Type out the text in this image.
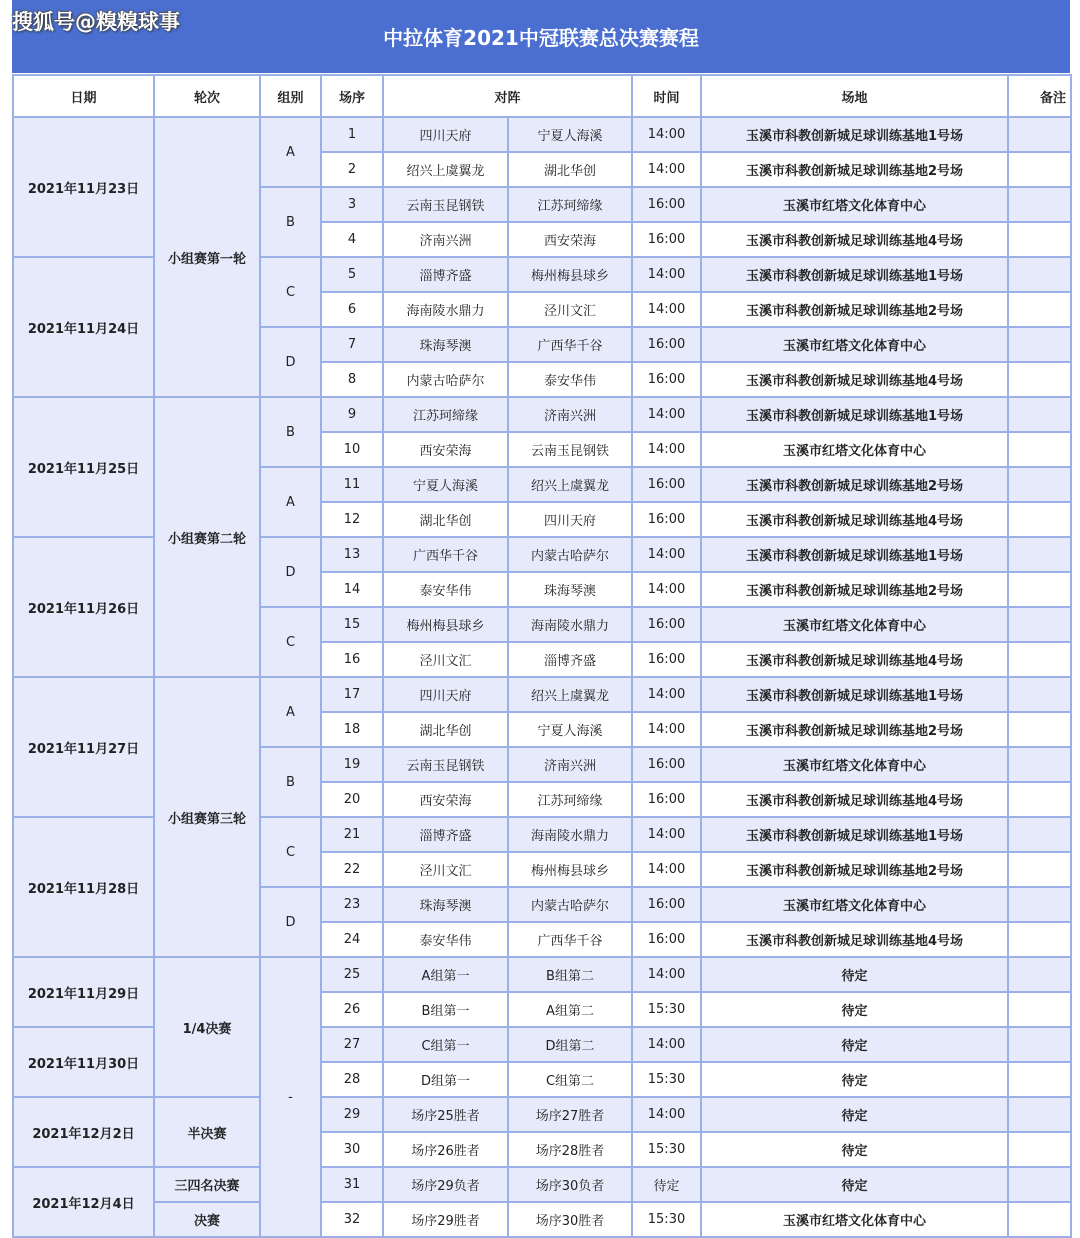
中拉体育2021中冠联赛总决赛赛程
搜狐号@糗糗球事
日期	轮次	组别	场序	对阵		时间	场地	备注
2021年11月23日	小组赛第一轮	A	1	四川天府	宁夏人海溪	14:00	玉溪市科教创新城足球训练基地1号场	
			2	绍兴上虞翼龙	湖北华创	14:00	玉溪市科教创新城足球训练基地2号场	
		B	3	云南玉昆钢铁	江苏珂缔缘	16:00	玉溪市红塔文化体育中心	
			4	济南兴洲	西安荣海	16:00	玉溪市科教创新城足球训练基地4号场	
2021年11月24日		C	5	淄博齐盛	梅州梅县球乡	14:00	玉溪市科教创新城足球训练基地1号场	
			6	海南陵水鼎力	泾川文汇	14:00	玉溪市科教创新城足球训练基地2号场	
		D	7	珠海琴澳	广西华千谷	16:00	玉溪市红塔文化体育中心	
			8	内蒙古哈萨尔	泰安华伟	16:00	玉溪市科教创新城足球训练基地4号场	
2021年11月25日	小组赛第二轮	B	9	江苏珂缔缘	济南兴洲	14:00	玉溪市科教创新城足球训练基地1号场	
			10	西安荣海	云南玉昆钢铁	14:00	玉溪市红塔文化体育中心	
		A	11	宁夏人海溪	绍兴上虞翼龙	16:00	玉溪市科教创新城足球训练基地2号场	
			12	湖北华创	四川天府	16:00	玉溪市科教创新城足球训练基地4号场	
2021年11月26日		D	13	广西华千谷	内蒙古哈萨尔	14:00	玉溪市科教创新城足球训练基地1号场	
			14	泰安华伟	珠海琴澳	14:00	玉溪市科教创新城足球训练基地2号场	
		C	15	梅州梅县球乡	海南陵水鼎力	16:00	玉溪市红塔文化体育中心	
			16	泾川文汇	淄博齐盛	16:00	玉溪市科教创新城足球训练基地4号场	
2021年11月27日	小组赛第三轮	A	17	四川天府	绍兴上虞翼龙	14:00	玉溪市科教创新城足球训练基地1号场	
			18	湖北华创	宁夏人海溪	14:00	玉溪市科教创新城足球训练基地2号场	
		B	19	云南玉昆钢铁	济南兴洲	16:00	玉溪市红塔文化体育中心	
			20	西安荣海	江苏珂缔缘	16:00	玉溪市科教创新城足球训练基地4号场	
2021年11月28日		C	21	淄博齐盛	海南陵水鼎力	14:00	玉溪市科教创新城足球训练基地1号场	
			22	泾川文汇	梅州梅县球乡	14:00	玉溪市科教创新城足球训练基地2号场	
		D	23	珠海琴澳	内蒙古哈萨尔	16:00	玉溪市红塔文化体育中心	
			24	泰安华伟	广西华千谷	16:00	玉溪市科教创新城足球训练基地4号场	
2021年11月29日	1/4决赛	-	25	A组第一	B组第二	14:00	待定	
			26	B组第一	A组第二	15:30	待定	
2021年11月30日			27	C组第一	D组第二	14:00	待定	
			28	D组第一	C组第二	15:30	待定	
2021年12月2日	半决赛		29	场序25胜者	场序27胜者	14:00	待定	
			30	场序26胜者	场序28胜者	15:30	待定	
2021年12月4日	三四名决赛		31	场序29负者	场序30负者	待定	待定	
	决赛		32	场序29胜者	场序30胜者	15:30	玉溪市红塔文化体育中心	
